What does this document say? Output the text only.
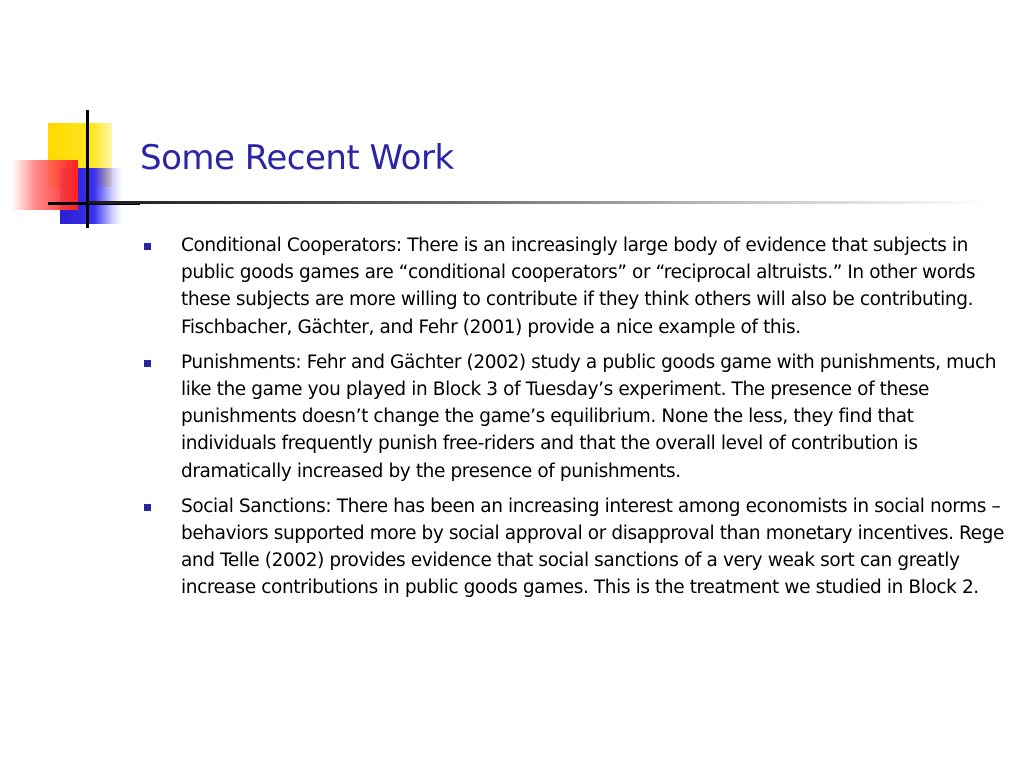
Some Recent Work
Conditional Cooperators: There is an increasingly large body of evidence that subjects in public goods games are “conditional cooperators” or “reciprocal altruists.” In other words these subjects are more willing to contribute if they think others will also be contributing. Fischbacher, Gächter, and Fehr (2001) provide a nice example of this.
Punishments: Fehr and Gächter (2002) study a public goods game with punishments, much like the game you played in Block 3 of Tuesday’s experiment. The presence of these punishments doesn’t change the game’s equilibrium. None the less, they find that individuals frequently punish free-riders and that the overall level of contribution is dramatically increased by the presence of punishments.
Social Sanctions: There has been an increasing interest among economists in social norms – behaviors supported more by social approval or disapproval than monetary incentives. Rege and Telle (2002) provides evidence that social sanctions of a very weak sort can greatly increase contributions in public goods games. This is the treatment we studied in Block 2.
